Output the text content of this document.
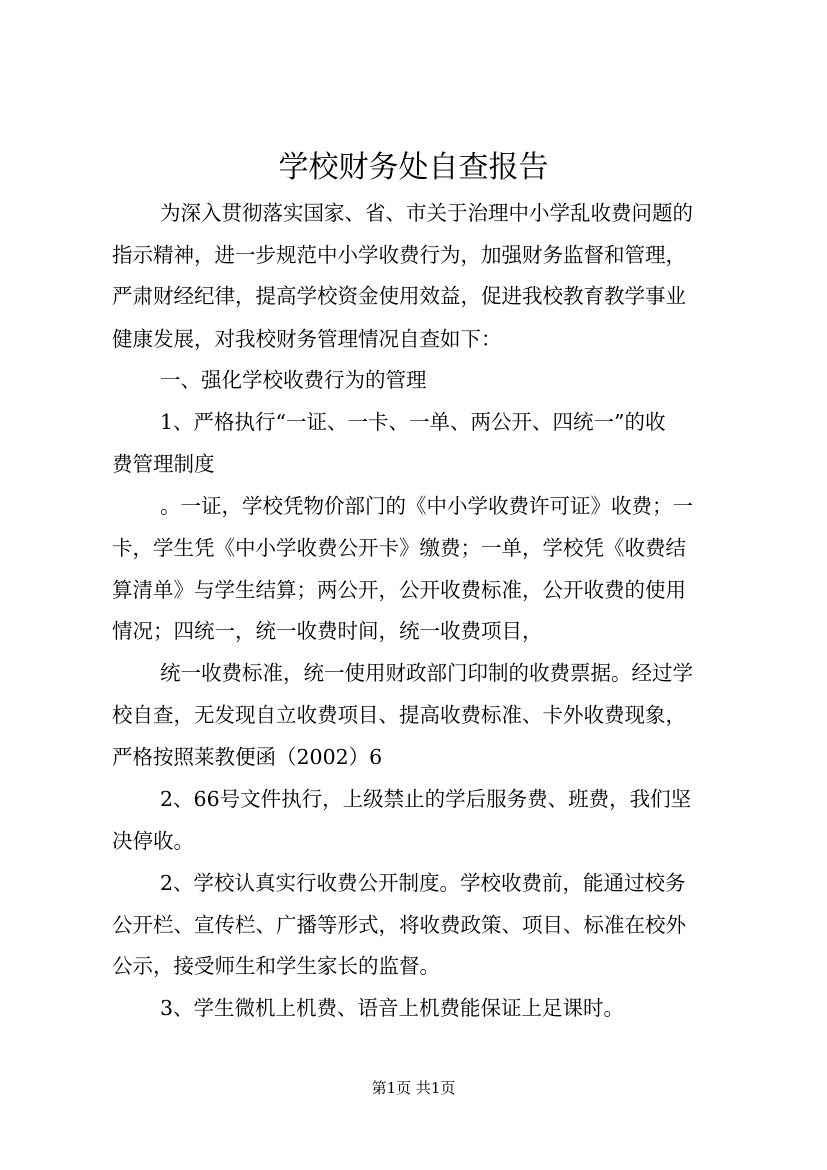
学校财务处自查报告
为深入贯彻落实国家、省、市关于治理中小学乱收费问题的
指示精神，进一步规范中小学收费行为，加强财务监督和管理，
严肃财经纪律，提高学校资金使用效益，促进我校教育教学事业
健康发展，对我校财务管理情况自查如下：
一、强化学校收费行为的管理
1、严格执行“一证、一卡、一单、两公开、四统一”的收
费管理制度
。一证，学校凭物价部门的《中小学收费许可证》收费；一
卡，学生凭《中小学收费公开卡》缴费；一单，学校凭《收费结
算清单》与学生结算；两公开，公开收费标准，公开收费的使用
情况；四统一，统一收费时间，统一收费项目，
统一收费标准，统一使用财政部门印制的收费票据。经过学
校自查，无发现自立收费项目、提高收费标准、卡外收费现象，
严格按照莱教便函（2002）6
2、66号文件执行，上级禁止的学后服务费、班费，我们坚
决停收。
2、学校认真实行收费公开制度。学校收费前，能通过校务
公开栏、宣传栏、广播等形式，将收费政策、项目、标准在校外
公示，接受师生和学生家长的监督。
3、学生微机上机费、语音上机费能保证上足课时。
第1页 共1页
